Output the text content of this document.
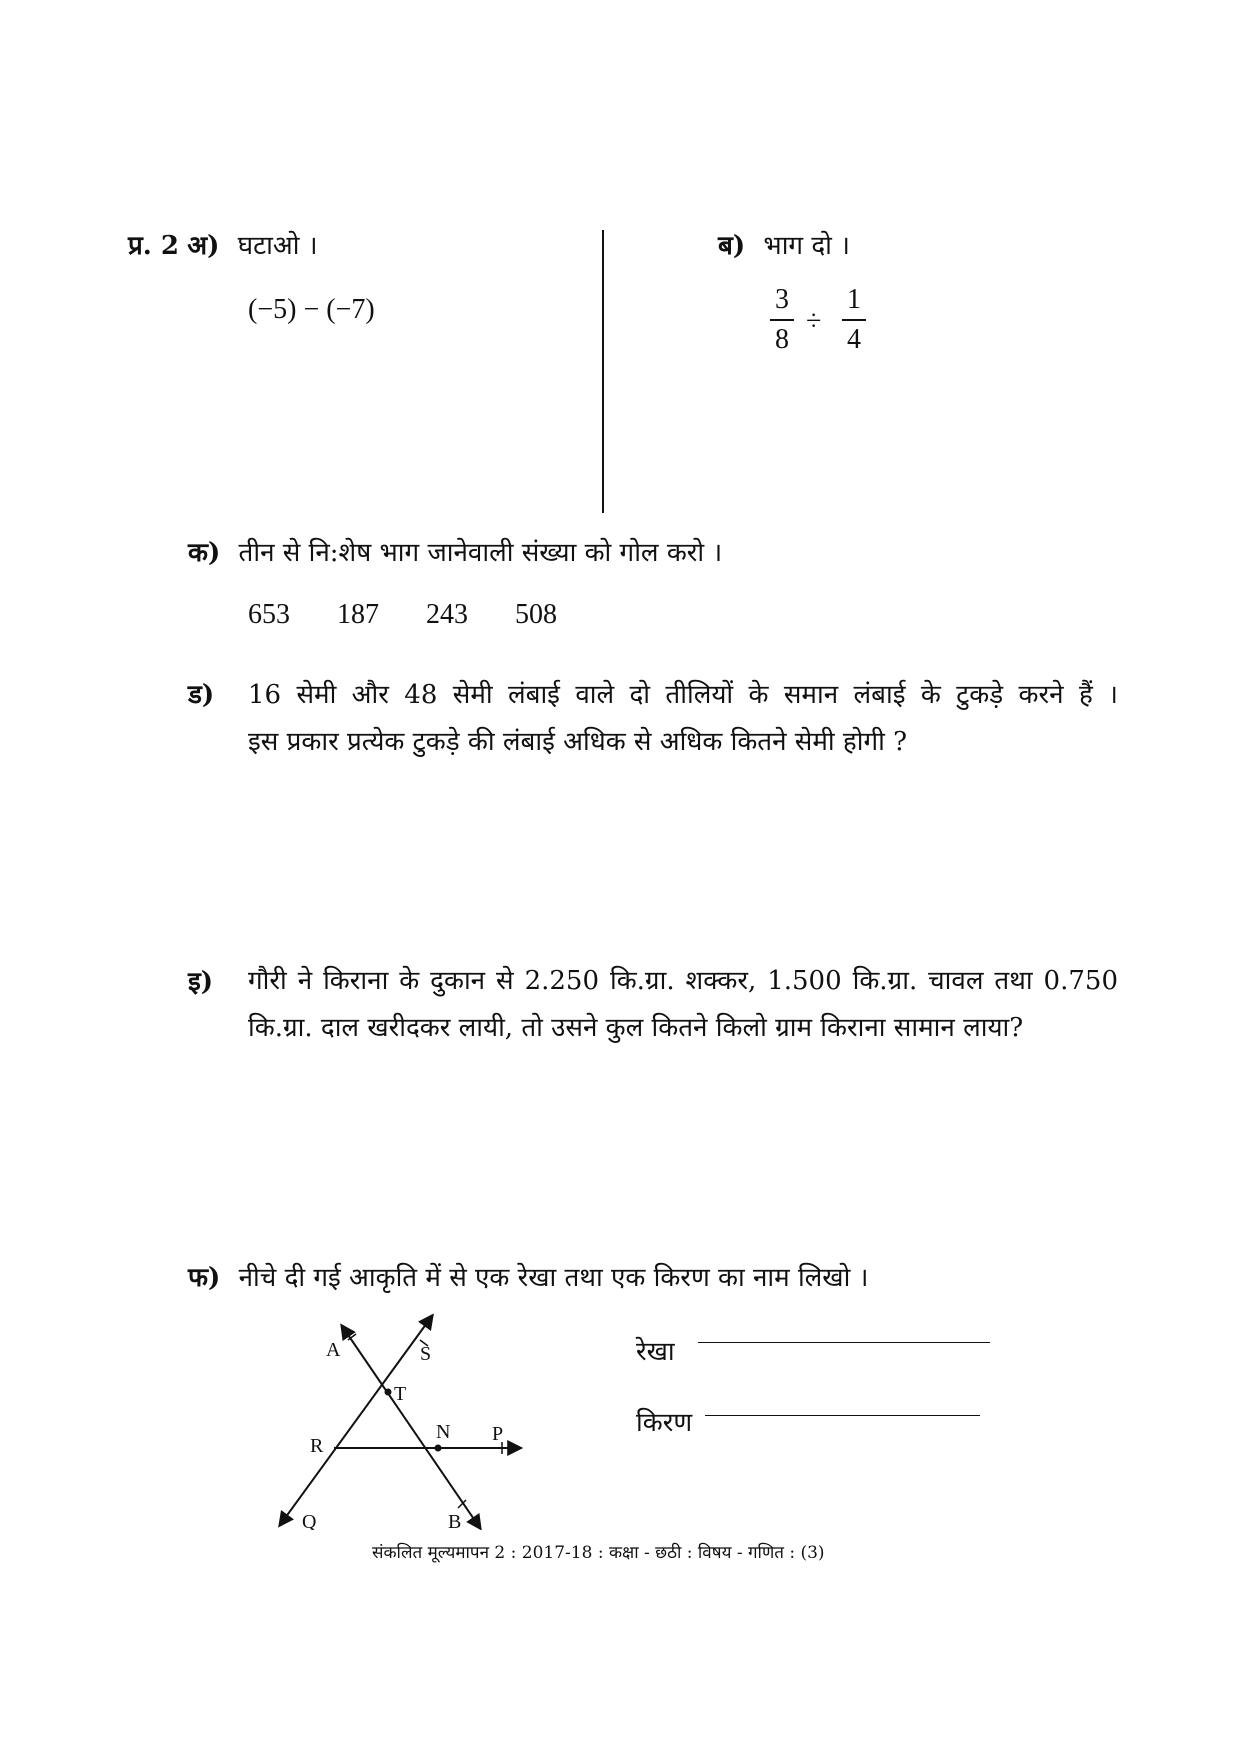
प्र. 2 अ) घटाओ ।
(−5) − (−7)
ब) भाग दो ।
3
8
÷
1
4
क) तीन से नि:शेष भाग जानेवाली संख्या को गोल करो ।
653 187 243 508
ड) 16 सेमी और 48 सेमी लंबाई वाले दो तीलियों के समान लंबाई के टुकड़े करने हैं ।
इस प्रकार प्रत्येक टुकड़े की लंबाई अधिक से अधिक कितने सेमी होगी ?
इ) गौरी ने किराना के दुकान से 2.250 कि.ग्रा. शक्कर, 1.500 कि.ग्रा. चावल तथा 0.750 कि.ग्रा. दाल खरीदकर लायी, तो उसने कुल कितने किलो ग्राम किराना सामान लाया?
फ) नीचे दी गई आकृति में से एक रेखा तथा एक किरण का नाम लिखो ।
A	S
T
R
N P
Q	B
रेखा
किरण
संकलित मूल्यमापन 2 : 2017-18 : कक्षा - छठी : विषय - गणित : (3)
